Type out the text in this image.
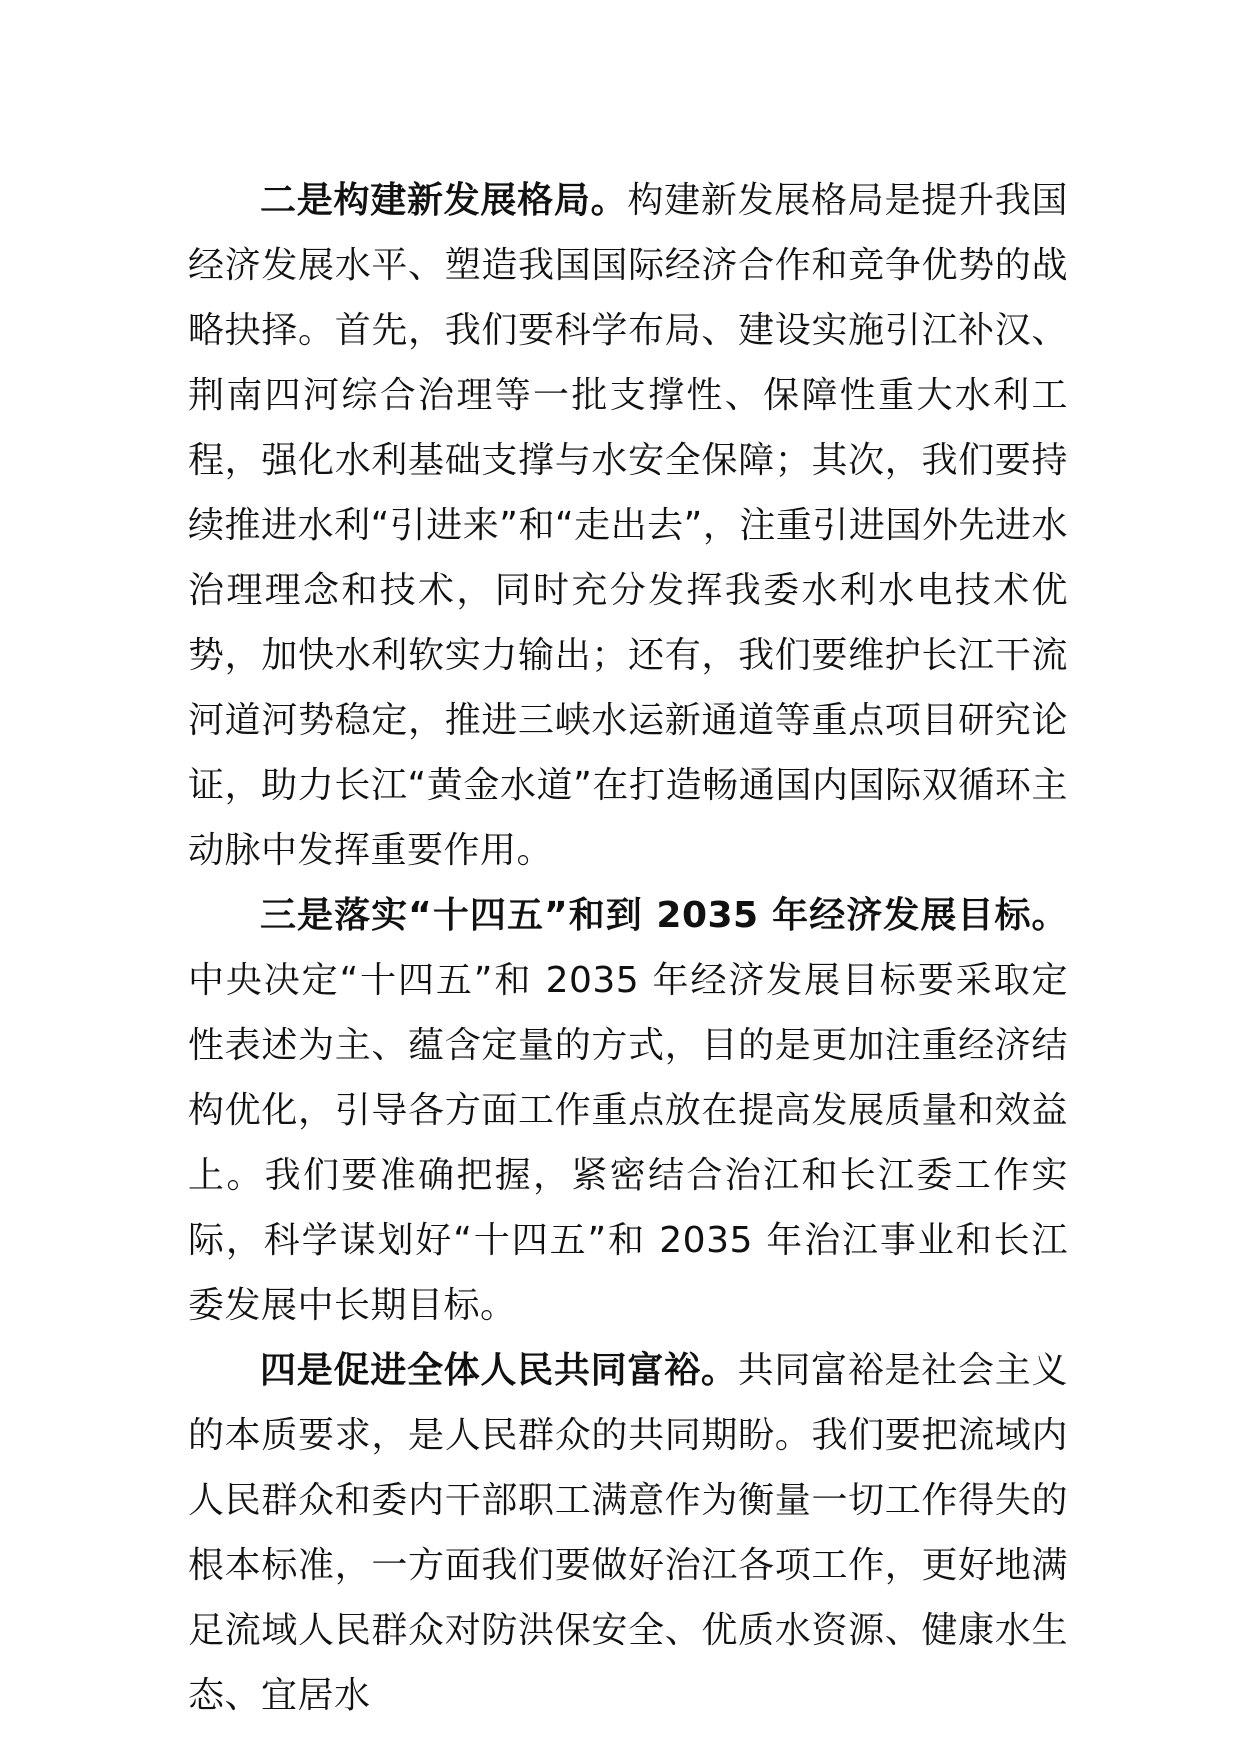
二是构建新发展格局。构建新发展格局是提升我国经济发展水平、塑造我国国际经济合作和竞争优势的战略抉择。首先，我们要科学布局、建设实施引江补汉、荆南四河综合治理等一批支撑性、保障性重大水利工程，强化水利基础支撑与水安全保障；其次，我们要持续推进水利“引进来”和“走出去”，注重引进国外先进水治理理念和技术，同时充分发挥我委水利水电技术优势，加快水利软实力输出；还有，我们要维护长江干流河道河势稳定，推进三峡水运新通道等重点项目研究论证，助力长江“黄金水道”在打造畅通国内国际双循环主动脉中发挥重要作用。

三是落实“十四五”和到 2035 年经济发展目标。中央决定“十四五”和 2035 年经济发展目标要采取定性表述为主、蕴含定量的方式，目的是更加注重经济结构优化，引导各方面工作重点放在提高发展质量和效益上。我们要准确把握，紧密结合治江和长江委工作实际，科学谋划好“十四五”和 2035 年治江事业和长江委发展中长期目标。

四是促进全体人民共同富裕。共同富裕是社会主义的本质要求，是人民群众的共同期盼。我们要把流域内人民群众和委内干部职工满意作为衡量一切工作得失的根本标准，一方面我们要做好治江各项工作，更好地满足流域人民群众对防洪保安全、优质水资源、健康水生态、宜居水
